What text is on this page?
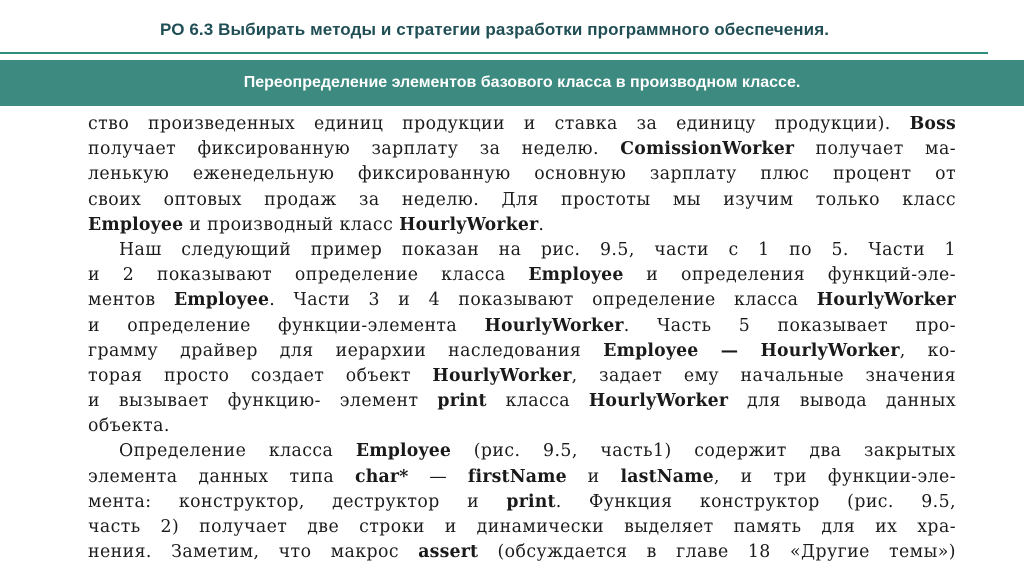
РО 6.3 Выбирать методы и стратегии разработки программного обеспечения.
Переопределение элементов базового класса в производном классе.
ство произведенных единиц продукции и ставка за единицу продукции). Boss
получает фиксированную зарплату за неделю. ComissionWorker получает ма-
ленькую еженедельную фиксированную основную зарплату плюс процент от
своих оптовых продаж за неделю. Для простоты мы изучим только класс
Employee и производный класс HourlyWorker.
Наш следующий пример показан на рис. 9.5, части с 1 по 5. Части 1
и 2 показывают определение класса Employee и определения функций-эле-
ментов Employee. Части 3 и 4 показывают определение класса HourlyWorker
и определение функции-элемента HourlyWorker. Часть 5 показывает про-
грамму драйвер для иерархии наследования Employee — HourlyWorker, ко-
торая просто создает объект HourlyWorker, задает ему начальные значения
и вызывает функцию- элемент print класса HourlyWorker для вывода данных
объекта.
Определение класса Employee (рис. 9.5, часть1) содержит два закрытых
элемента данных типа char* — firstName и lastName, и три функции-эле-
мента: конструктор, деструктор и print. Функция конструктор (рис. 9.5,
часть 2) получает две строки и динамически выделяет память для их хра-
нения. Заметим, что макрос assert (обсуждается в главе 18 «Другие темы»)
